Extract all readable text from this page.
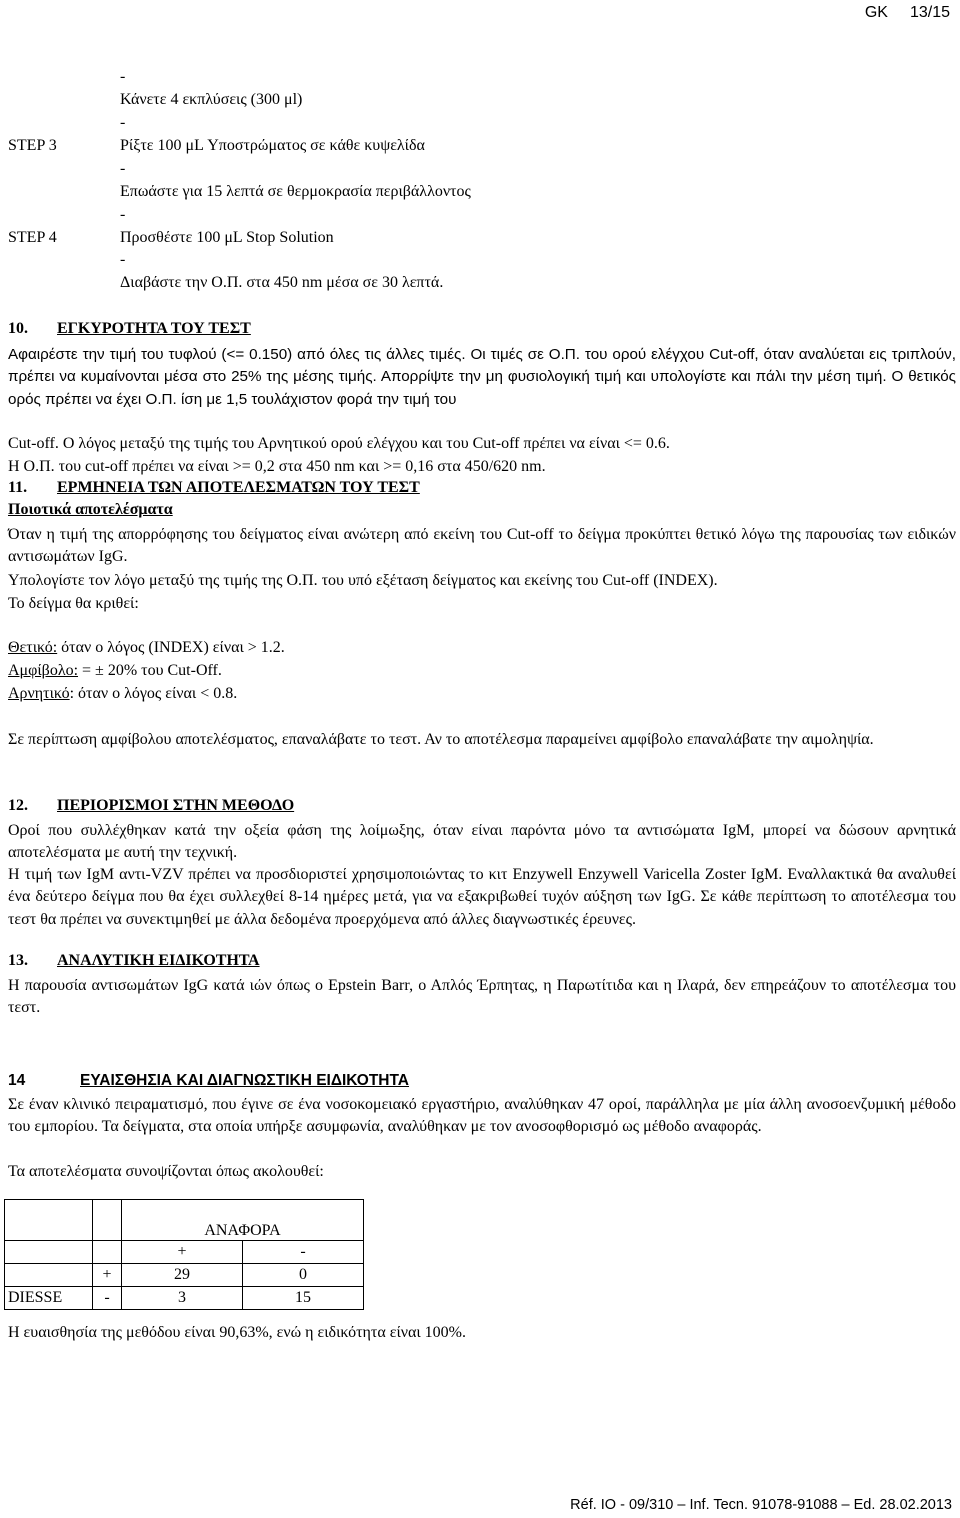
GK 13/15
-
Κάνετε 4 εκπλύσεις (300 μl)
-
STEP 3	Ρίξτε 100 μL Υποστρώματος σε κάθε κυψελίδα
-
Επωάστε για 15 λεπτά σε θερμοκρασία περιβάλλοντος
-
STEP 4	Προσθέστε 100 μL Stop Solution
-
Διαβάστε την Ο.Π. στα 450 nm μέσα σε 30 λεπτά.
10. ΕΓΚΥΡΟΤΗΤΑ ΤΟΥ ΤΕΣΤ
Αφαιρέστε την τιμή του τυφλού (<= 0.150) από όλες τις άλλες τιμές. Οι τιμές σε Ο.Π. του ορού ελέγχου Cut-off, όταν αναλύεται εις τριπλούν, πρέπει να κυμαίνονται μέσα στο 25% της μέσης τιμής. Απορρίψτε την μη φυσιολογική τιμή και υπολογίστε και πάλι την μέση τιμή. Ο θετικός ορός πρέπει να έχει Ο.Π. ίση με 1,5 τουλάχιστον φορά την τιμή του
Cut-off. Ο λόγος μεταξύ της τιμής του Αρνητικού ορού ελέγχου και του Cut-off πρέπει να είναι <= 0.6.
Η Ο.Π. του cut-off πρέπει να είναι >= 0,2 στα 450 nm και >= 0,16 στα 450/620 nm.
11. ΕΡΜΗΝΕΙΑ ΤΩΝ ΑΠΟΤΕΛΕΣΜΑΤΩΝ ΤΟΥ ΤΕΣΤ
Ποιοτικά αποτελέσματα
Όταν η τιμή της απορρόφησης του δείγματος είναι ανώτερη από εκείνη του Cut-off το δείγμα προκύπτει θετικό λόγω της παρουσίας των ειδικών αντισωμάτων IgG.
Υπολογίστε τον λόγο μεταξύ της τιμής της Ο.Π. του υπό εξέταση δείγματος και εκείνης του Cut-off (INDEX).
Το δείγμα θα κριθεί:
Θετικό: όταν ο λόγος (INDEX) είναι > 1.2.
Αμφίβολο: = ± 20% του Cut-Off.
Αρνητικό: όταν ο λόγος είναι < 0.8.
Σε περίπτωση αμφίβολου αποτελέσματος, επαναλάβατε το τεστ. Αν το αποτέλεσμα παραμείνει αμφίβολο επαναλάβατε την αιμοληψία.
12. ΠΕΡΙΟΡΙΣΜΟΙ ΣΤΗΝ ΜΕΘΟΔΟ
Οροί που συλλέχθηκαν κατά την οξεία φάση της λοίμωξης, όταν είναι παρόντα μόνο τα αντισώματα IgM, μπορεί να δώσουν αρνητικά αποτελέσματα με αυτή την τεχνική.
Η τιμή των IgM αντι-VZV πρέπει να προσδιοριστεί χρησιμοποιώντας το κιτ Enzywell Enzywell Varicella Zoster IgM. Εναλλακτικά θα αναλυθεί ένα δεύτερο δείγμα που θα έχει συλλεχθεί 8-14 ημέρες μετά, για να εξακριβωθεί τυχόν αύξηση των IgG. Σε κάθε περίπτωση το αποτέλεσμα του τεστ θα πρέπει να συνεκτιμηθεί με άλλα δεδομένα προερχόμενα από άλλες διαγνωστικές έρευνες.
13. ΑΝΑΛΥΤΙΚΗ ΕΙΔΙΚΟΤΗΤΑ
Η παρουσία αντισωμάτων IgG κατά ιών όπως ο Epstein Barr, ο Απλός Έρπητας, η Παρωτίτιδα και η Ιλαρά, δεν επηρεάζουν το αποτέλεσμα του τεστ.
14	ΕΥΑΙΣΘΗΣΙΑ ΚΑΙ ΔΙΑΓΝΩΣΤΙΚΗ ΕΙΔΙΚΟΤΗΤΑ
Σε έναν κλινικό πειραματισμό, που έγινε σε ένα νοσοκομειακό εργαστήριο, αναλύθηκαν 47 οροί, παράλληλα με μία άλλη ανοσοενζυμική μέθοδο του εμπορίου. Τα δείγματα, στα οποία υπήρξε ασυμφωνία, αναλύθηκαν με τον ανοσοφθορισμό ως μέθοδο αναφοράς.
Τα αποτελέσματα συνοψίζονται όπως ακολουθεί:
		ΑΝΑΦΟΡΑ	
		+	-
	+	29	0
DIESSE	-	3	15
Η ευαισθησία της μεθόδου είναι 90,63%, ενώ η ειδικότητα είναι 100%.
Réf. IO - 09/310 – Inf. Tecn. 91078-91088 – Ed. 28.02.2013
